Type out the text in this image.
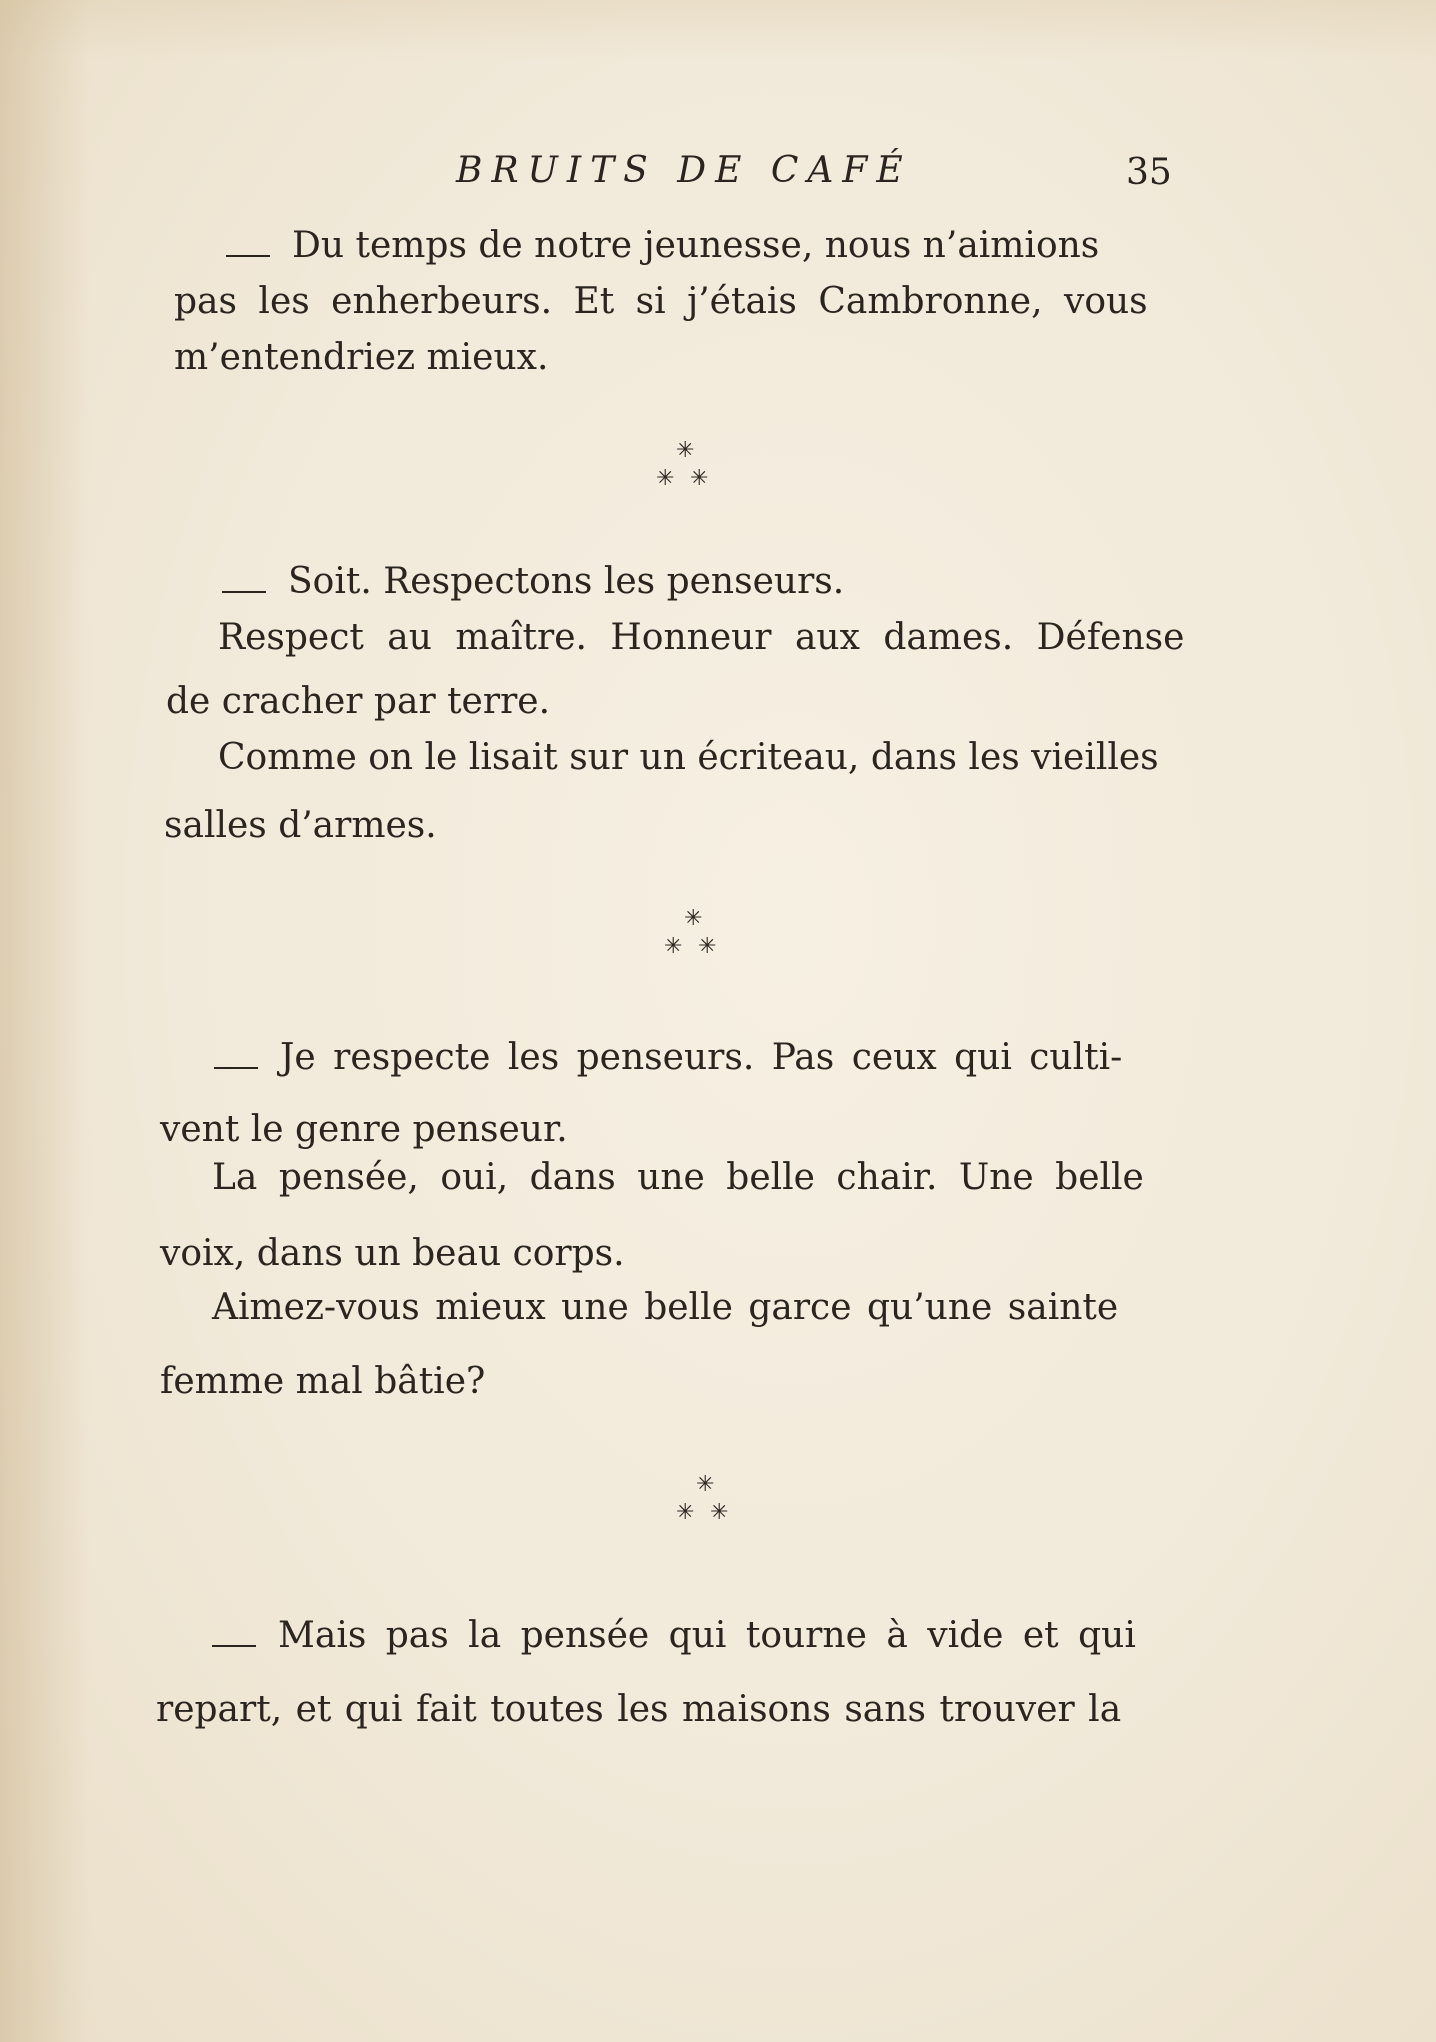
BRUITS DE CAFÉ	35
Du temps de notre jeunesse, nous n’aimions
pas les enherbeurs. Et si j’étais Cambronne, vous
m’entendriez mieux.
✳
✳ ✳
Soit. Respectons les penseurs.
Respect au maître. Honneur aux dames. Défense
de cracher par terre.
Comme on le lisait sur un écriteau, dans les vieilles
salles d’armes.
✳
✳ ✳
Je respecte les penseurs. Pas ceux qui culti-
vent le genre penseur.
La pensée, oui, dans une belle chair. Une belle
voix, dans un beau corps.
Aimez-vous mieux une belle garce qu’une sainte
femme mal bâtie?
✳
✳ ✳
Mais pas la pensée qui tourne à vide et qui
repart, et qui fait toutes les maisons sans trouver la
